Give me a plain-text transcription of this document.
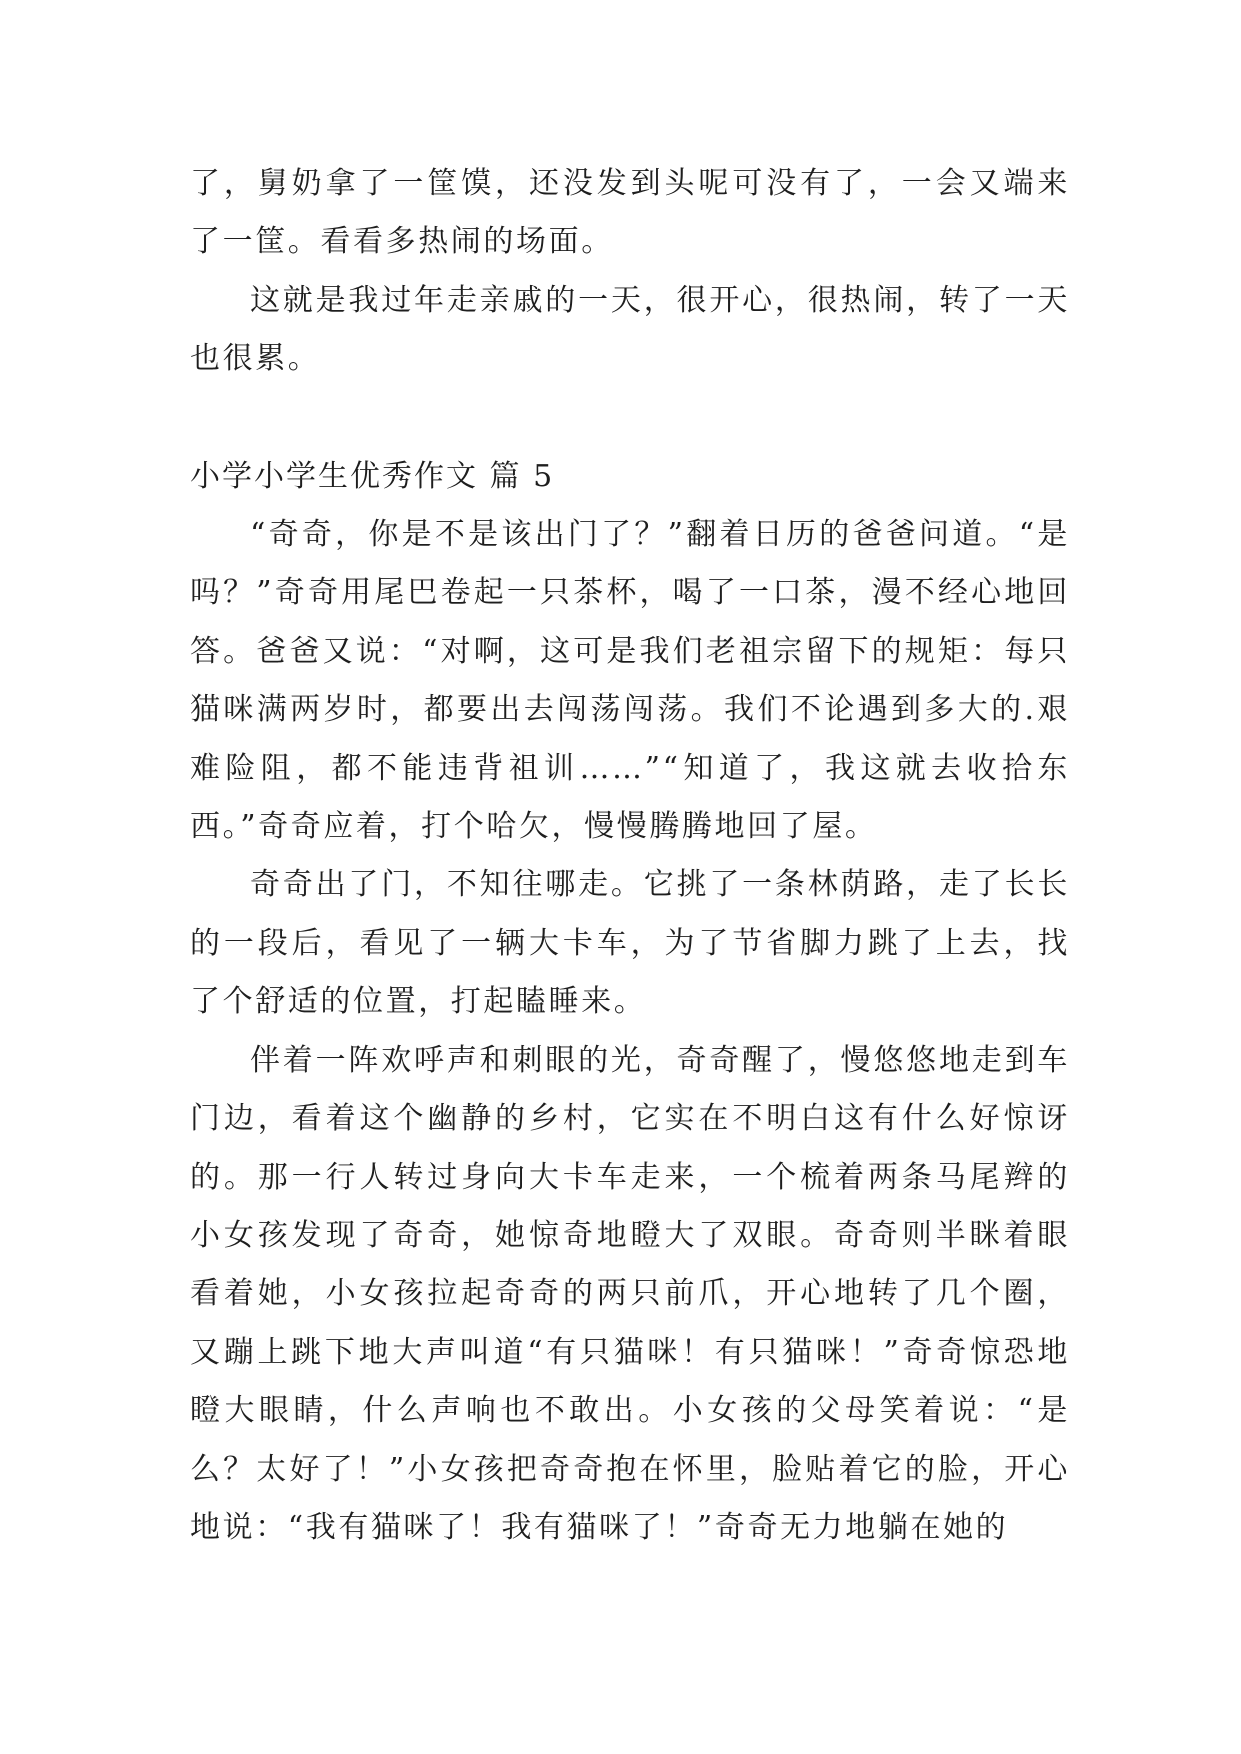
了，舅奶拿了一筐馍，还没发到头呢可没有了，一会又端来了一筐。看看多热闹的场面。

这就是我过年走亲戚的一天，很开心，很热闹，转了一天也很累。

小学小学生优秀作文 篇 5

“奇奇，你是不是该出门了？”翻着日历的爸爸问道。“是吗？”奇奇用尾巴卷起一只茶杯，喝了一口茶，漫不经心地回答。爸爸又说：“对啊，这可是我们老祖宗留下的规矩：每只猫咪满两岁时，都要出去闯荡闯荡。我们不论遇到多大的.艰难险阻，都不能违背祖训……”“知道了，我这就去收拾东西。”奇奇应着，打个哈欠，慢慢腾腾地回了屋。

奇奇出了门，不知往哪走。它挑了一条林荫路，走了长长的一段后，看见了一辆大卡车，为了节省脚力跳了上去，找了个舒适的位置，打起瞌睡来。

伴着一阵欢呼声和刺眼的光，奇奇醒了，慢悠悠地走到车门边，看着这个幽静的乡村，它实在不明白这有什么好惊讶的。那一行人转过身向大卡车走来，一个梳着两条马尾辫的小女孩发现了奇奇，她惊奇地瞪大了双眼。奇奇则半眯着眼看着她，小女孩拉起奇奇的两只前爪，开心地转了几个圈，又蹦上跳下地大声叫道“有只猫咪！有只猫咪！”奇奇惊恐地瞪大眼睛，什么声响也不敢出。小女孩的父母笑着说：“是么？太好了！”小女孩把奇奇抱在怀里，脸贴着它的脸，开心地说：“我有猫咪了！我有猫咪了！”奇奇无力地躺在她的
